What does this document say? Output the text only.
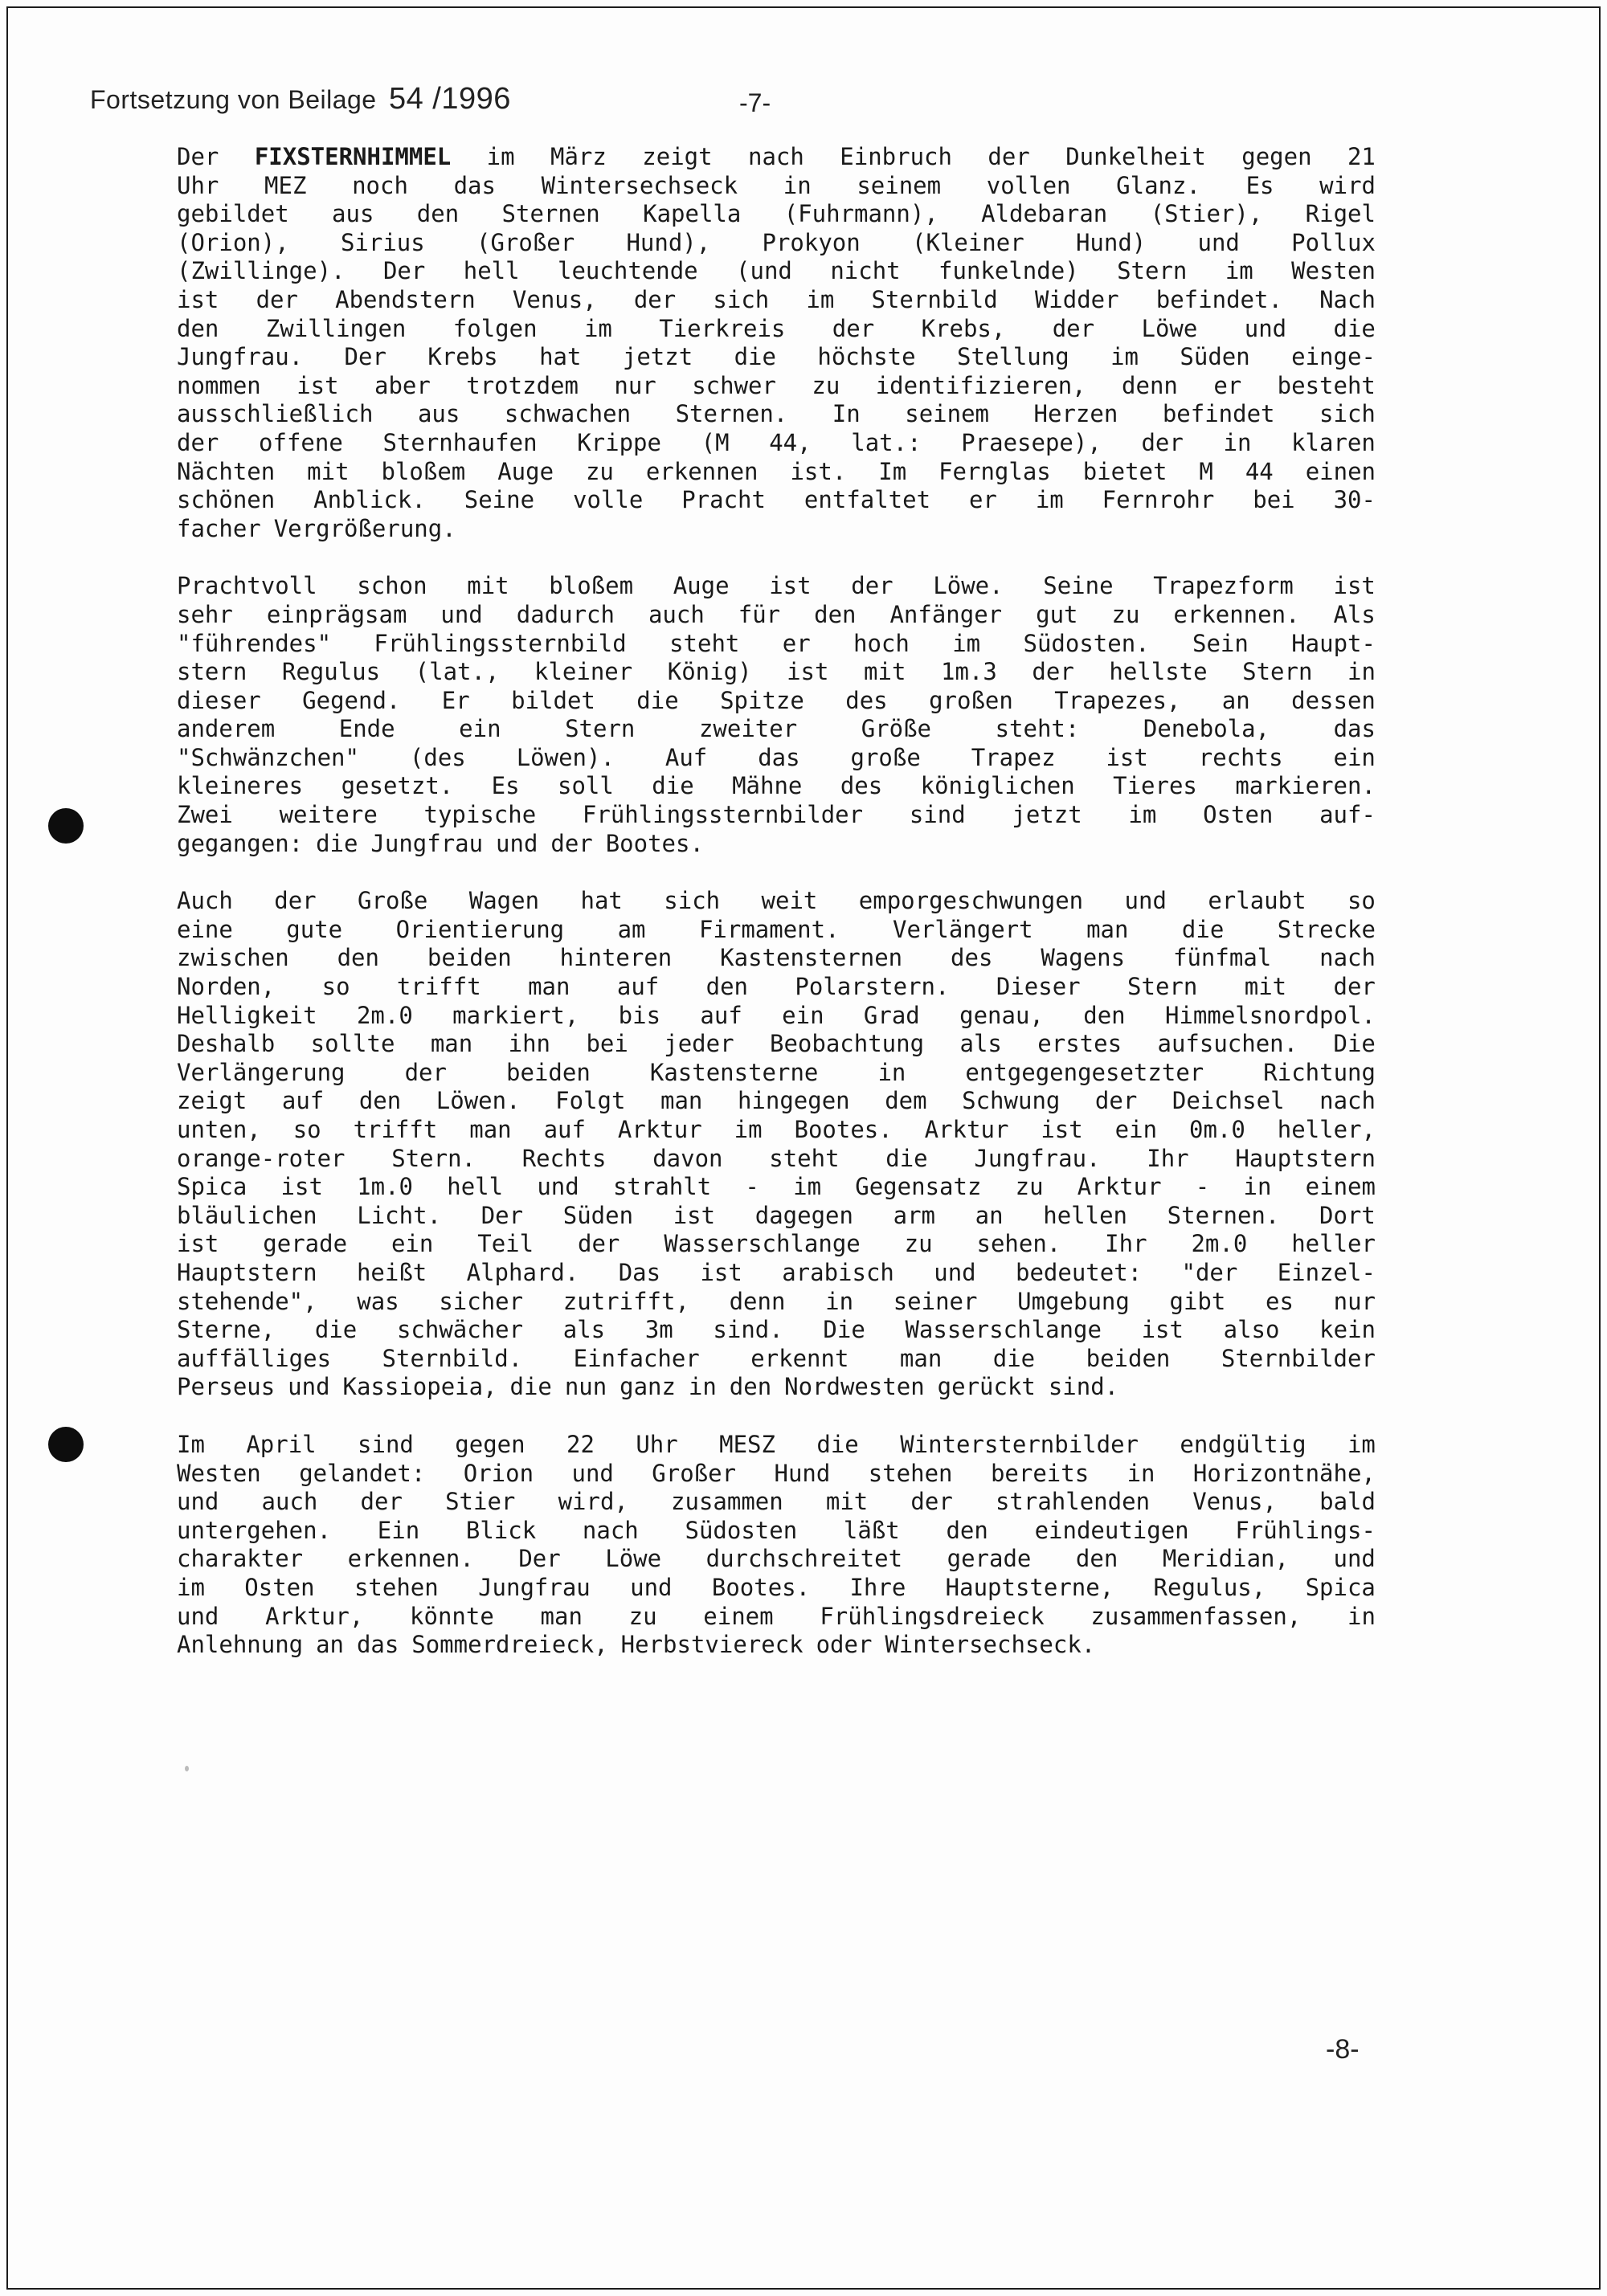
Fortsetzung von Beilage 54 /1996	-7-
Der FIXSTERNHIMMEL im März zeigt nach Einbruch der Dunkelheit gegen 21
Uhr MEZ noch das Wintersechseck in seinem vollen Glanz. Es wird
gebildet aus den Sternen Kapella (Fuhrmann), Aldebaran (Stier), Rigel
(Orion), Sirius (Großer Hund), Prokyon (Kleiner Hund) und Pollux
(Zwillinge). Der hell leuchtende (und nicht funkelnde) Stern im Westen
ist der Abendstern Venus, der sich im Sternbild Widder befindet. Nach
den Zwillingen folgen im Tierkreis der Krebs, der Löwe und die
Jungfrau. Der Krebs hat jetzt die höchste Stellung im Süden einge-
nommen ist aber trotzdem nur schwer zu identifizieren, denn er besteht
ausschließlich aus schwachen Sternen. In seinem Herzen befindet sich
der offene Sternhaufen Krippe (M 44, lat.: Praesepe), der in klaren
Nächten mit bloßem Auge zu erkennen ist. Im Fernglas bietet M 44 einen
schönen Anblick. Seine volle Pracht entfaltet er im Fernrohr bei 30-
facher Vergrößerung.
Prachtvoll schon mit bloßem Auge ist der Löwe. Seine Trapezform ist
sehr einprägsam und dadurch auch für den Anfänger gut zu erkennen. Als
"führendes" Frühlingssternbild steht er hoch im Südosten. Sein Haupt-
stern Regulus (lat., kleiner König) ist mit 1m.3 der hellste Stern in
dieser Gegend. Er bildet die Spitze des großen Trapezes, an dessen
anderem	Ende	ein	Stern	zweiter	Größe	steht:	Denebola,	das
"Schwänzchen" (des Löwen). Auf das große Trapez ist rechts ein
kleineres gesetzt. Es soll die Mähne des königlichen Tieres markieren.
Zwei weitere typische Frühlingssternbilder sind jetzt im Osten auf-
gegangen: die Jungfrau und der Bootes.
Auch der Große Wagen hat sich weit emporgeschwungen und erlaubt so
eine gute Orientierung am Firmament. Verlängert man die Strecke
zwischen den beiden hinteren Kastensternen des Wagens fünfmal nach
Norden, so trifft man auf den Polarstern. Dieser Stern mit der
Helligkeit 2m.0 markiert, bis auf ein Grad genau, den Himmelsnordpol.
Deshalb sollte man ihn bei jeder Beobachtung als erstes aufsuchen. Die
Verlängerung	der	beiden	Kastensterne	in	entgegengesetzter	Richtung
zeigt auf den Löwen. Folgt man hingegen dem Schwung der Deichsel nach
unten, so trifft man auf Arktur im Bootes. Arktur ist ein 0m.0 heller,
orange-roter Stern. Rechts davon steht die Jungfrau. Ihr Hauptstern
Spica ist 1m.0 hell und strahlt - im Gegensatz zu Arktur - in einem
bläulichen Licht. Der Süden ist dagegen arm an hellen Sternen. Dort
ist gerade ein Teil der Wasserschlange zu sehen. Ihr 2m.0 heller
Hauptstern heißt Alphard. Das ist arabisch und bedeutet: "der Einzel-
stehende", was sicher zutrifft, denn in seiner Umgebung gibt es nur
Sterne, die schwächer als 3m sind. Die Wasserschlange ist also kein
auffälliges Sternbild. Einfacher erkennt man die beiden Sternbilder
Perseus und Kassiopeia, die nun ganz in den Nordwesten gerückt sind.
Im April sind gegen 22 Uhr MESZ die Wintersternbilder endgültig im
Westen gelandet: Orion und Großer Hund stehen bereits in Horizontnähe,
und auch der Stier wird, zusammen mit der strahlenden Venus, bald
untergehen. Ein Blick nach Südosten läßt den eindeutigen Frühlings-
charakter erkennen. Der Löwe durchschreitet gerade den Meridian, und
im Osten stehen Jungfrau und Bootes. Ihre Hauptsterne, Regulus, Spica
und Arktur, könnte man zu einem Frühlingsdreieck zusammenfassen, in
Anlehnung an das Sommerdreieck, Herbstviereck oder Wintersechseck.
-8-
